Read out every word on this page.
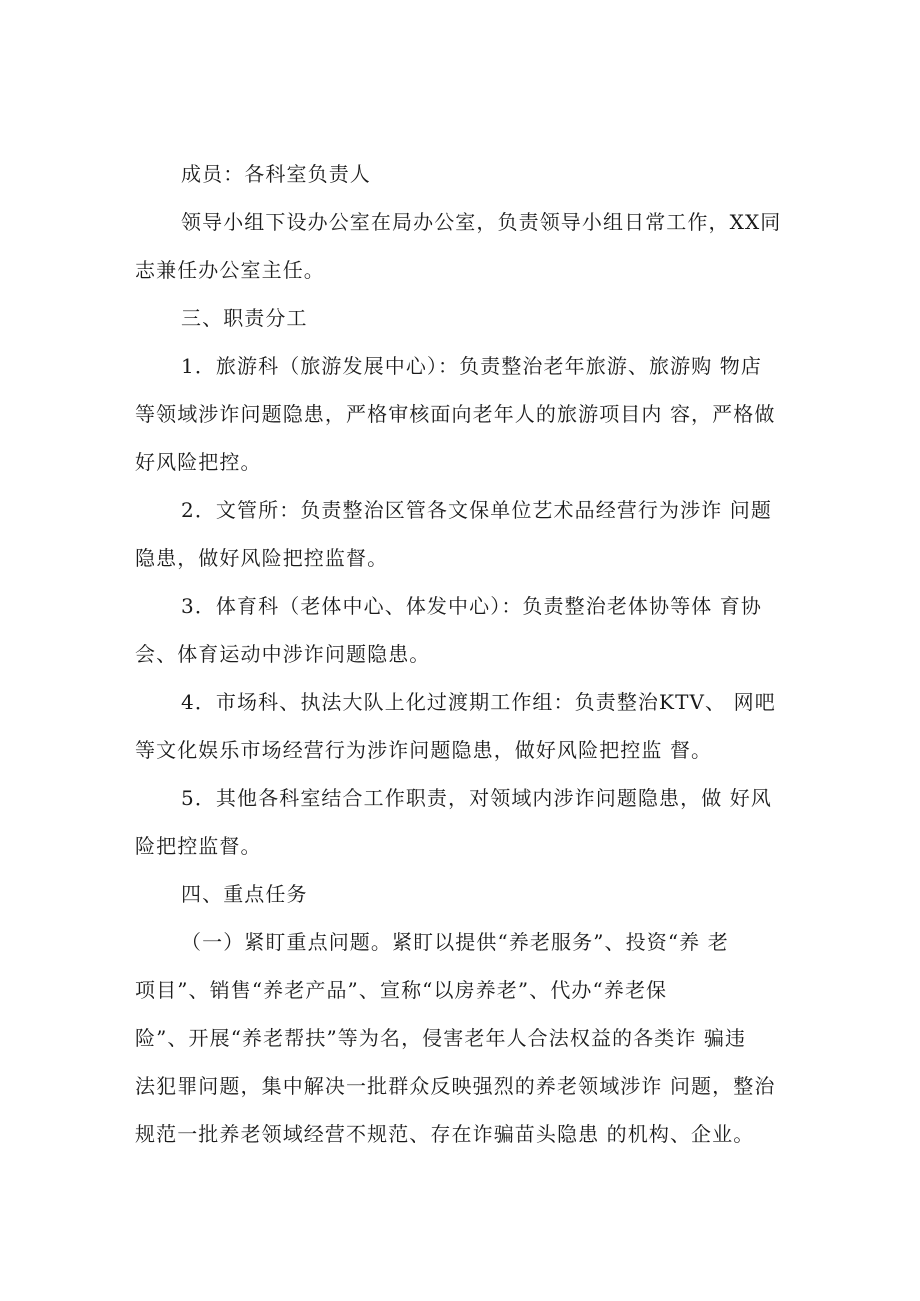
成员：各科室负责人

领导小组下设办公室在局办公室，负责领导小组日常工作，XX同

志兼任办公室主任。

三、职责分工

1．旅游科（旅游发展中心）：负责整治老年旅游、旅游购 物店

等领域涉诈问题隐患，严格审核面向老年人的旅游项目内 容，严格做

好风险把控。

2．文管所：负责整治区管各文保单位艺术品经营行为涉诈 问题

隐患，做好风险把控监督。

3．体育科（老体中心、体发中心）：负责整治老体协等体 育协

会、体育运动中涉诈问题隐患。

4．市场科、执法大队上化过渡期工作组：负责整治KTV、 网吧

等文化娱乐市场经营行为涉诈问题隐患，做好风险把控监 督。

5．其他各科室结合工作职责，对领域内涉诈问题隐患，做 好风

险把控监督。

四、重点任务

（一）紧盯重点问题。紧盯以提供“养老服务”、投资“养 老

项目”、销售“养老产品”、宣称“以房养老”、代办“养老保

险”、开展“养老帮扶”等为名，侵害老年人合法权益的各类诈 骗违

法犯罪问题，集中解决一批群众反映强烈的养老领域涉诈 问题，整治

规范一批养老领域经营不规范、存在诈骗苗头隐患 的机构、企业。
